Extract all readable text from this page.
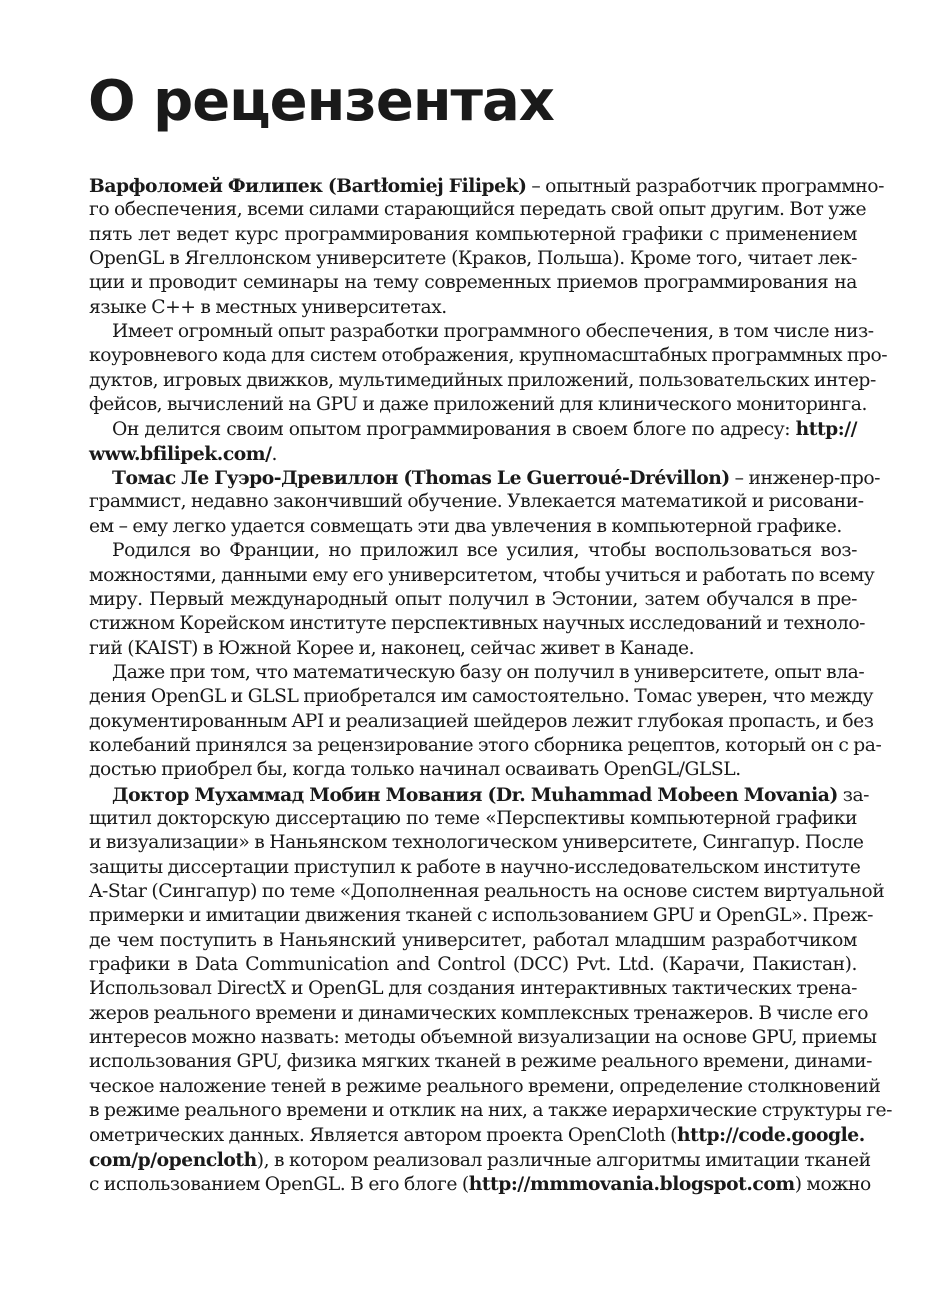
О рецензентах
Варфоломей Филипек (Bartłomiej Filipek) – опытный разработчик программно-
го обеспечения, всеми силами старающийся передать свой опыт другим. Вот уже
пять лет ведет курс программирования компьютерной графики с применением
OpenGL в Ягеллонском университете (Краков, Польша). Кроме того, читает лек-
ции и проводит семинары на тему современных приемов программирования на
языке C++ в местных университетах.
Имеет огромный опыт разработки программного обеспечения, в том числе низ-
коуровневого кода для систем отображения, крупномасштабных программных про-
дуктов, игровых движков, мультимедийных приложений, пользовательских интер-
фейсов, вычислений на GPU и даже приложений для клинического мониторинга.
Он делится своим опытом программирования в своем блоге по адресу: http://
www.bfilipek.com/.
Томас Ле Гуэро-Древиллон (Thomas Le Guerroué-Drévillon) – инженер-про-
граммист, недавно закончивший обучение. Увлекается математикой и рисовани-
ем – ему легко удается совмещать эти два увлечения в компьютерной графике.
Родился во Франции, но приложил все усилия, чтобы воспользоваться воз-
можностями, данными ему его университетом, чтобы учиться и работать по всему
миру. Первый международный опыт получил в Эстонии, затем обучался в пре-
стижном Корейском институте перспективных научных исследований и техноло-
гий (KAIST) в Южной Корее и, наконец, сейчас живет в Канаде.
Даже при том, что математическую базу он получил в университете, опыт вла-
дения OpenGL и GLSL приобретался им самостоятельно. Томас уверен, что между
документированным API и реализацией шейдеров лежит глубокая пропасть, и без
колебаний принялся за рецензирование этого сборника рецептов, который он с ра-
достью приобрел бы, когда только начинал осваивать OpenGL/GLSL.
Доктор Мухаммад Мобин Мования (Dr. Muhammad Mobeen Movania) за-
щитил докторскую диссертацию по теме «Перспективы компьютерной графики
и визуализации» в Наньянском технологическом университете, Сингапур. После
защиты диссертации приступил к работе в научно-исследовательском институте
A-Star (Сингапур) по теме «Дополненная реальность на основе систем виртуальной
примерки и имитации движения тканей с использованием GPU и OpenGL». Преж-
де чем поступить в Наньянский университет, работал младшим разработчиком
графики в Data Communication and Control (DCC) Pvt. Ltd. (Карачи, Пакистан).
Использовал DirectX и OpenGL для создания интерактивных тактических трена-
жеров реального времени и динамических комплексных тренажеров. В числе его
интересов можно назвать: методы объемной визуализации на основе GPU, приемы
использования GPU, физика мягких тканей в режиме реального времени, динами-
ческое наложение теней в режиме реального времени, определение столкновений
в режиме реального времени и отклик на них, а также иерархические структуры ге-
ометрических данных. Является автором проекта OpenCloth (http://code.google.
com/p/opencloth), в котором реализовал различные алгоритмы имитации тканей
с использованием OpenGL. В его блоге (http://mmmovania.blogspot.com) можно
